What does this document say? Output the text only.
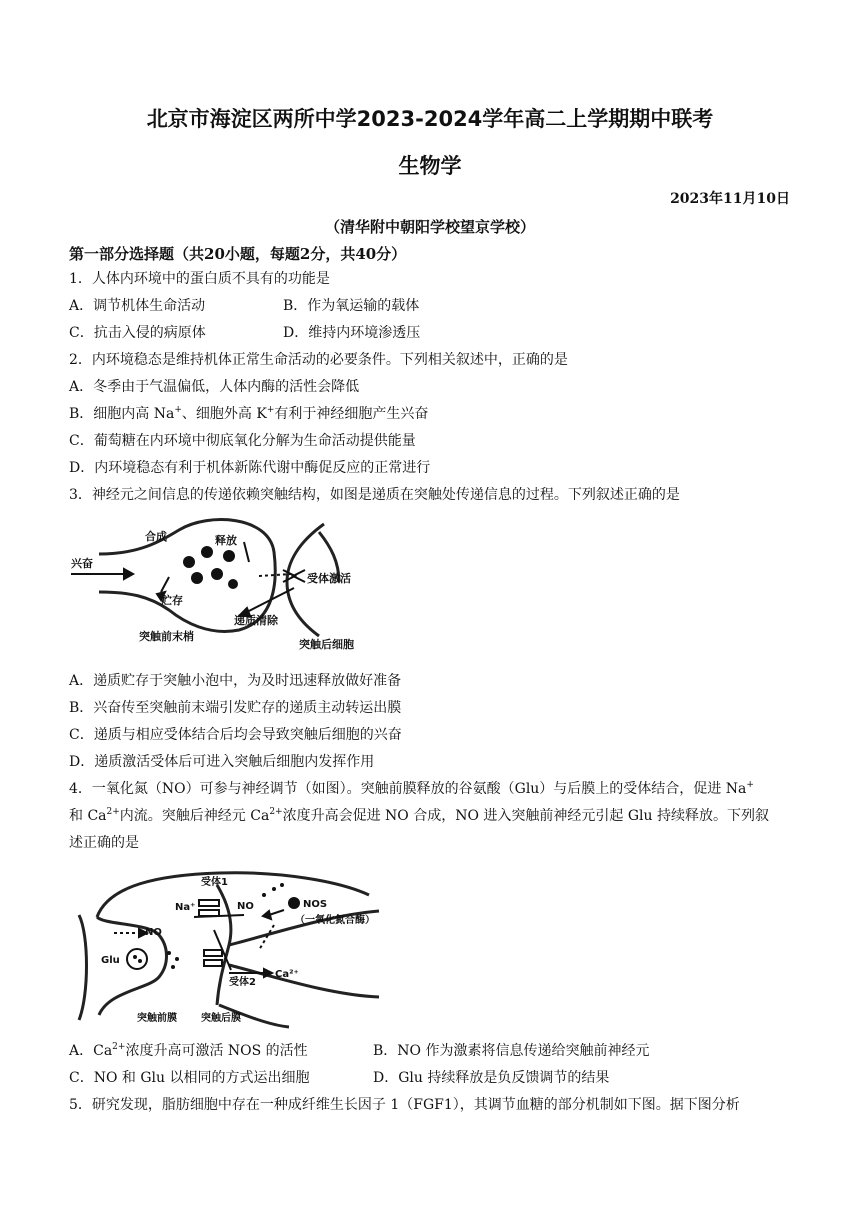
北京市海淀区两所中学2023-2024学年高二上学期期中联考
生物学
2023年11月10日
（清华附中朝阳学校望京学校）
第一部分选择题（共20小题，每题2分，共40分）
1．人体内环境中的蛋白质不具有的功能是
A．调节机体生命活动	B．作为氧运输的载体
C．抗击入侵的病原体	D．维持内环境渗透压
2．内环境稳态是维持机体正常生命活动的必要条件。下列相关叙述中，正确的是
A．冬季由于气温偏低，人体内酶的活性会降低
B．细胞内高 Na+、细胞外高 K+有利于神经细胞产生兴奋
C．葡萄糖在内环境中彻底氧化分解为生命活动提供能量
D．内环境稳态有利于机体新陈代谢中酶促反应的正常进行
3．神经元之间信息的传递依赖突触结构，如图是递质在突触处传递信息的过程。下列叙述正确的是
兴奋
合成
贮存
释放
受体激活
递质清除
突触前末梢
突触后细胞
A．递质贮存于突触小泡中，为及时迅速释放做好准备
B．兴奋传至突触前末端引发贮存的递质主动转运出膜
C．递质与相应受体结合后均会导致突触后细胞的兴奋
D．递质激活受体后可进入突触后细胞内发挥作用
4．一氧化氮（NO）可参与神经调节（如图）。突触前膜释放的谷氨酸（Glu）与后膜上的受体结合，促进 Na+
和 $Ca^{2+}$内流。突触后神经元 $Ca^{2+}$浓度升高会促进 NO 合成，NO 进入突触前神经元引起 Glu 持续释放。下列叙
述正确的是
受体1
Na⁺	NO	NOS
（一氧化氮合酶）
NO
Glu
Ca²⁺
受体2
突触前膜 突触后膜
A．$Ca^{2+}$浓度升高可激活 NOS 的活性	B．NO 作为激素将信息传递给突触前神经元
C．NO 和 Glu 以相同的方式运出细胞	D．Glu 持续释放是负反馈调节的结果
5．研究发现，脂肪细胞中存在一种成纤维生长因子 1（FGF1），其调节血糖的部分机制如下图。据下图分析
